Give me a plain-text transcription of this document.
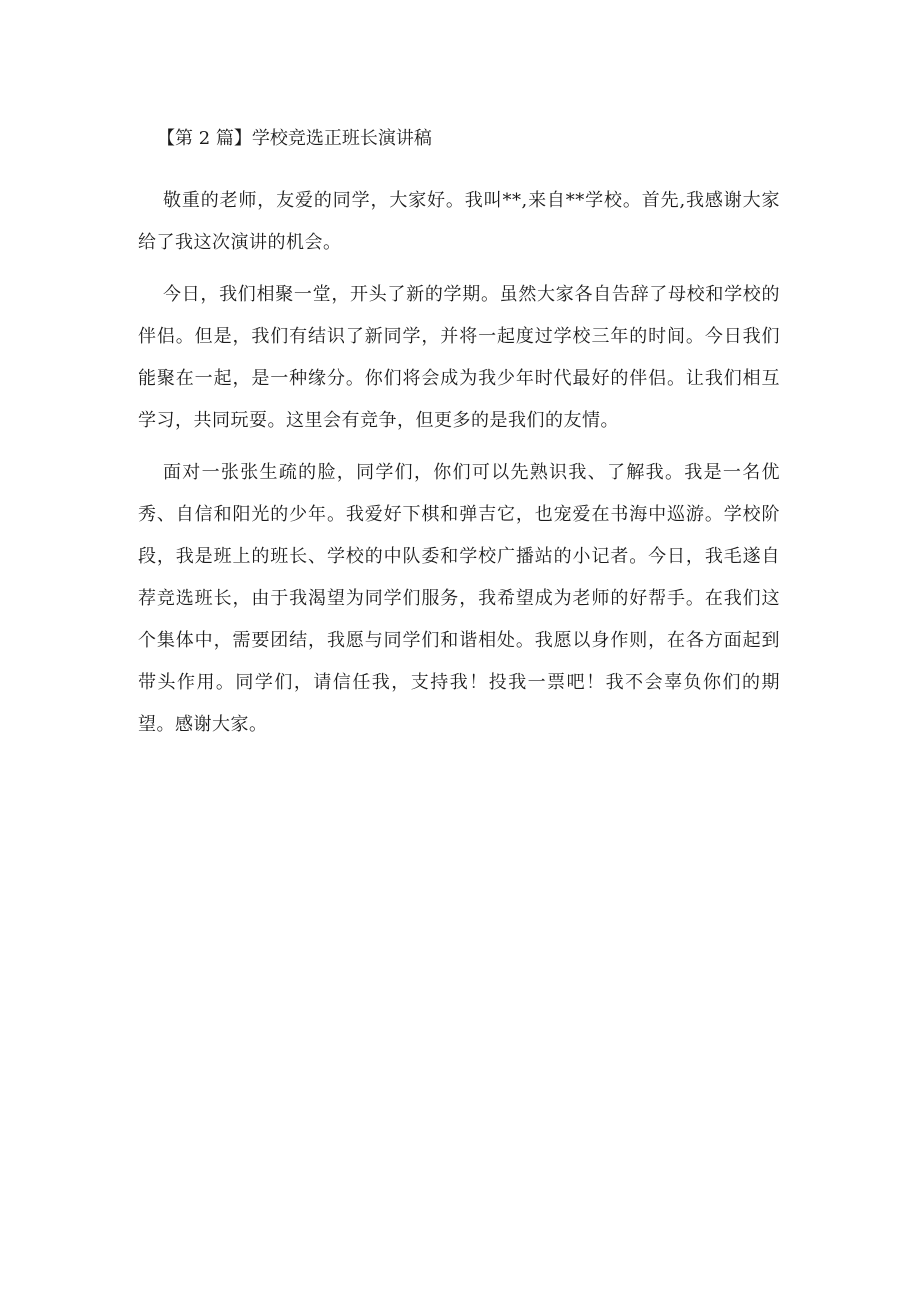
【第 2 篇】学校竞选正班长演讲稿

敬重的老师，友爱的同学，大家好。我叫**,来自**学校。首先,我感谢大家给了我这次演讲的机会。

今日，我们相聚一堂，开头了新的学期。虽然大家各自告辞了母校和学校的伴侣。但是，我们有结识了新同学，并将一起度过学校三年的时间。今日我们能聚在一起，是一种缘分。你们将会成为我少年时代最好的伴侣。让我们相互学习，共同玩耍。这里会有竞争，但更多的是我们的友情。

面对一张张生疏的脸，同学们，你们可以先熟识我、了解我。我是一名优秀、自信和阳光的少年。我爱好下棋和弹吉它，也宠爱在书海中巡游。学校阶段，我是班上的班长、学校的中队委和学校广播站的小记者。今日，我毛遂自荐竞选班长，由于我渴望为同学们服务，我希望成为老师的好帮手。在我们这个集体中，需要团结，我愿与同学们和谐相处。我愿以身作则，在各方面起到带头作用。同学们，请信任我，支持我！投我一票吧！我不会辜负你们的期望。感谢大家。
